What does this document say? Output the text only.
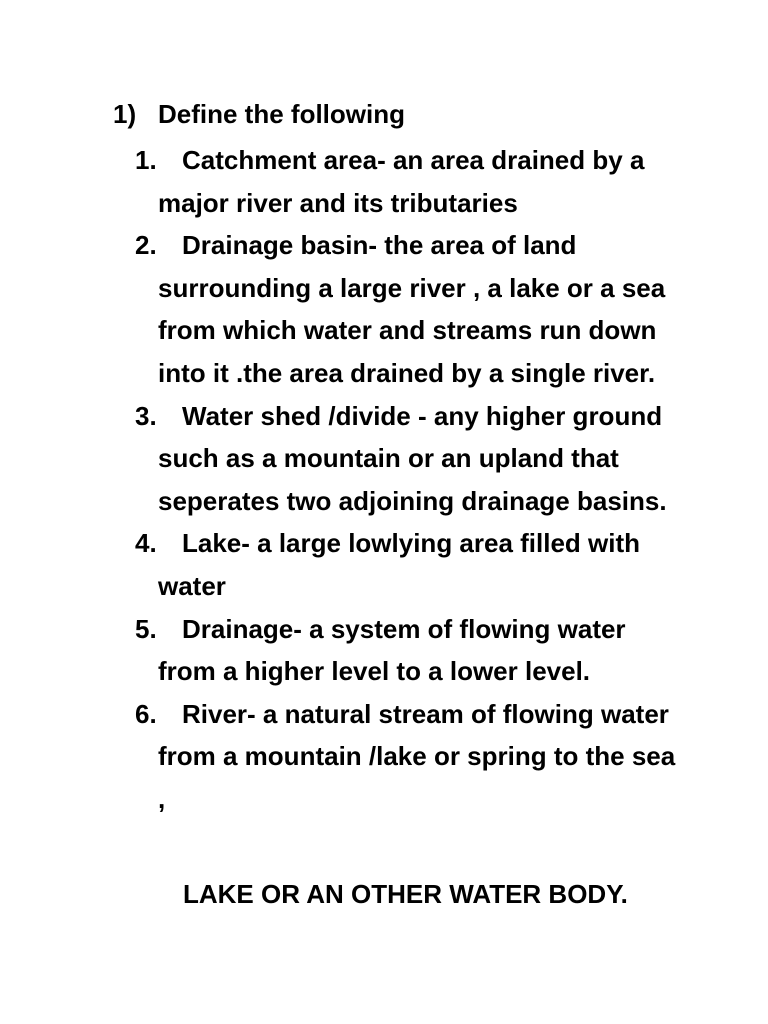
1) Define the following
1. Catchment area- an area drained by a major river and its tributaries
2. Drainage basin- the area of land surrounding a large river , a lake or a sea from which water and streams run down into it .the area drained by a single river.
3. Water shed /divide - any higher ground such as a mountain or an upland that seperates two adjoining drainage basins.
4. Lake- a large lowlying area filled with water
5. Drainage- a system of flowing water from a higher level to a lower level.
6. River- a natural stream of flowing water from a mountain /lake or spring to the sea ,
LAKE OR AN OTHER WATER BODY.
